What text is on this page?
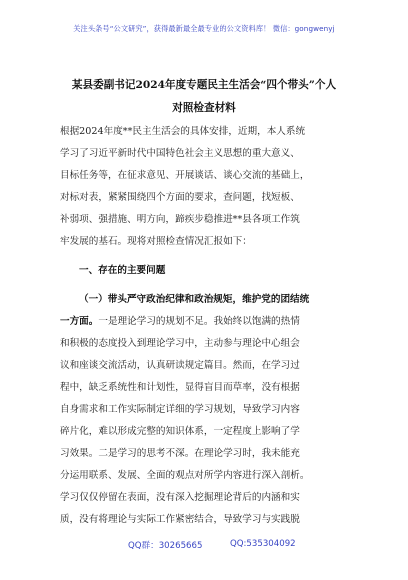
关注头条号“公文研究”，获得最新最全最专业的公文资料库！ 微信：gongwenyj
某县委副书记2024年度专题民主生活会“四个带头”个人
对照检查材料
根据2024年度**民主生活会的具体安排，近期，本人系统
学习了习近平新时代中国特色社会主义思想的重大意义、
目标任务等，在征求意见、开展谈话、谈心交流的基础上，
对标对表，紧紧围绕四个方面的要求，查问题，找短板、
补弱项、强措施、明方向，蹄疾步稳推进**县各项工作筑
牢发展的基石。现将对照检查情况汇报如下：
一、存在的主要问题
（一）带头严守政治纪律和政治规矩，维护党的团结统
一方面。一是理论学习的规划不足。我始终以饱满的热情
和积极的态度投入到理论学习中，主动参与理论中心组会
议和座谈交流活动，认真研读规定篇目。然而，在学习过
程中，缺乏系统性和计划性，显得盲目而草率，没有根据
自身需求和工作实际制定详细的学习规划，导致学习内容
碎片化，难以形成完整的知识体系，一定程度上影响了学
习效果。二是学习的思考不深。在理论学习时，我未能充
分运用联系、发展、全面的观点对所学内容进行深入剖析。
学习仅仅停留在表面，没有深入挖掘理论背后的内涵和实
质，没有将理论与实际工作紧密结合，导致学习与实践脱
QQ群：30265665	QQ:535304092
